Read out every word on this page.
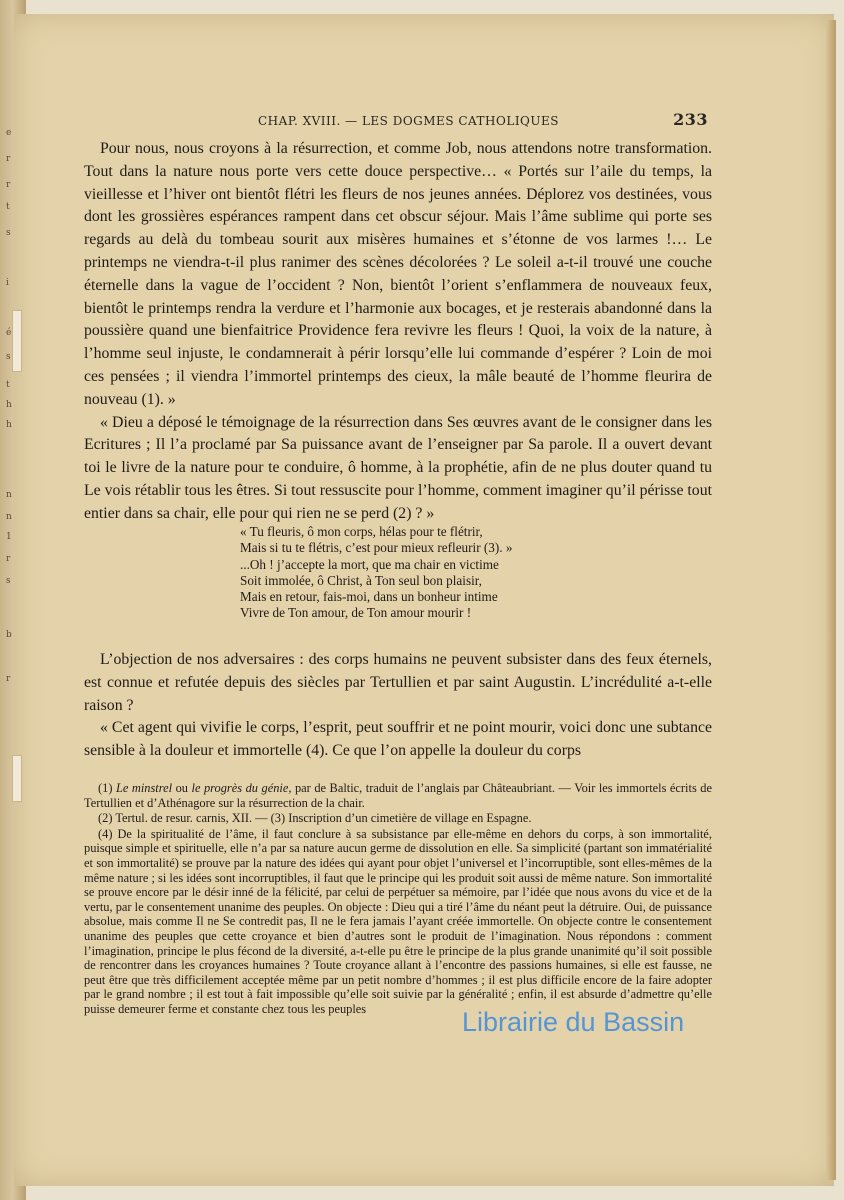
e
r
r
t
s
i
é
s
t
h
h
n
n
1
r
s
b
r
CHAP. XVIII. — LES DOGMES CATHOLIQUES	233

Pour nous, nous croyons à la résurrection, et comme Job, nous attendons notre transformation. Tout dans la nature nous porte vers cette douce perspective… « Portés sur l’aile du temps, la vieillesse et l’hiver ont bientôt flétri les fleurs de nos jeunes années. Déplorez vos destinées, vous dont les grossières espérances rampent dans cet obscur séjour. Mais l’âme sublime qui porte ses regards au delà du tombeau sourit aux misères humaines et s’étonne de vos larmes !… Le printemps ne viendra-t-il plus ranimer des scènes décolorées ? Le soleil a-t-il trouvé une couche éternelle dans la vague de l’occident ? Non, bientôt l’orient s’enflammera de nouveaux feux, bientôt le printemps rendra la verdure et l’harmonie aux bocages, et je resterais abandonné dans la poussière quand une bienfaitrice Providence fera revivre les fleurs ! Quoi, la voix de la nature, à l’homme seul injuste, le condamnerait à périr lorsqu’elle lui commande d’espérer ? Loin de moi ces pensées ; il viendra l’immortel printemps des cieux, la mâle beauté de l’homme fleurira de nouveau (1). »

« Dieu a déposé le témoignage de la résurrection dans Ses œuvres avant de le consigner dans les Ecritures ; Il l’a proclamé par Sa puissance avant de l’enseigner par Sa parole. Il a ouvert devant toi le livre de la nature pour te conduire, ô homme, à la prophétie, afin de ne plus douter quand tu Le vois rétablir tous les êtres. Si tout ressuscite pour l’homme, comment imaginer qu’il périsse tout entier dans sa chair, elle pour qui rien ne se perd (2) ? »

« Tu fleuris, ô mon corps, hélas pour te flétrir,
Mais si tu te flétris, c’est pour mieux refleurir (3). »
...Oh ! j’accepte la mort, que ma chair en victime
Soit immolée, ô Christ, à Ton seul bon plaisir,
Mais en retour, fais-moi, dans un bonheur intime
Vivre de Ton amour, de Ton amour mourir !

L’objection de nos adversaires : des corps humains ne peuvent subsister dans des feux éternels, est connue et refutée depuis des siècles par Tertullien et par saint Augustin. L’incrédulité a-t-elle raison ?

« Cet agent qui vivifie le corps, l’esprit, peut souffrir et ne point mourir, voici donc une subtance sensible à la douleur et immortelle (4). Ce que l’on appelle la douleur du corps

(1) Le minstrel ou le progrès du génie, par de Baltic, traduit de l’anglais par Châteaubriant. — Voir les immortels écrits de Tertullien et d’Athénagore sur la résurrection de la chair.

(2) Tertul. de resur. carnis, XII. — (3) Inscription d’un cimetière de village en Espagne.

(4) De la spiritualité de l’âme, il faut conclure à sa subsistance par elle-même en dehors du corps, à son immortalité, puisque simple et spirituelle, elle n’a par sa nature aucun germe de dissolution en elle. Sa simplicité (partant son immatérialité et son immortalité) se prouve par la nature des idées qui ayant pour objet l’universel et l’incorruptible, sont elles-mêmes de la même nature ; si les idées sont incorruptibles, il faut que le principe qui les produit soit aussi de même nature. Son immortalité se prouve encore par le désir inné de la félicité, par celui de perpétuer sa mémoire, par l’idée que nous avons du vice et de la vertu, par le consentement unanime des peuples. On objecte : Dieu qui a tiré l’âme du néant peut la détruire. Oui, de puissance absolue, mais comme Il ne Se contredit pas, Il ne le fera jamais l’ayant créée immortelle. On objecte contre le consentement unanime des peuples que cette croyance et bien d’autres sont le produit de l’imagination. Nous répondons : comment l’imagination, principe le plus fécond de la diversité, a-t-elle pu être le principe de la plus grande unanimité qu’il soit possible de rencontrer dans les croyances humaines ? Toute croyance allant à l’encontre des passions humaines, si elle est fausse, ne peut être que très difficilement acceptée même par un petit nombre d’hommes ; il est plus difficile encore de la faire adopter par le grand nombre ; il est tout à fait impossible qu’elle soit suivie par la généralité ; enfin, il est absurde d’admettre qu’elle puisse demeurer ferme et constante chez tous les peuples	Librairie du Bassin
